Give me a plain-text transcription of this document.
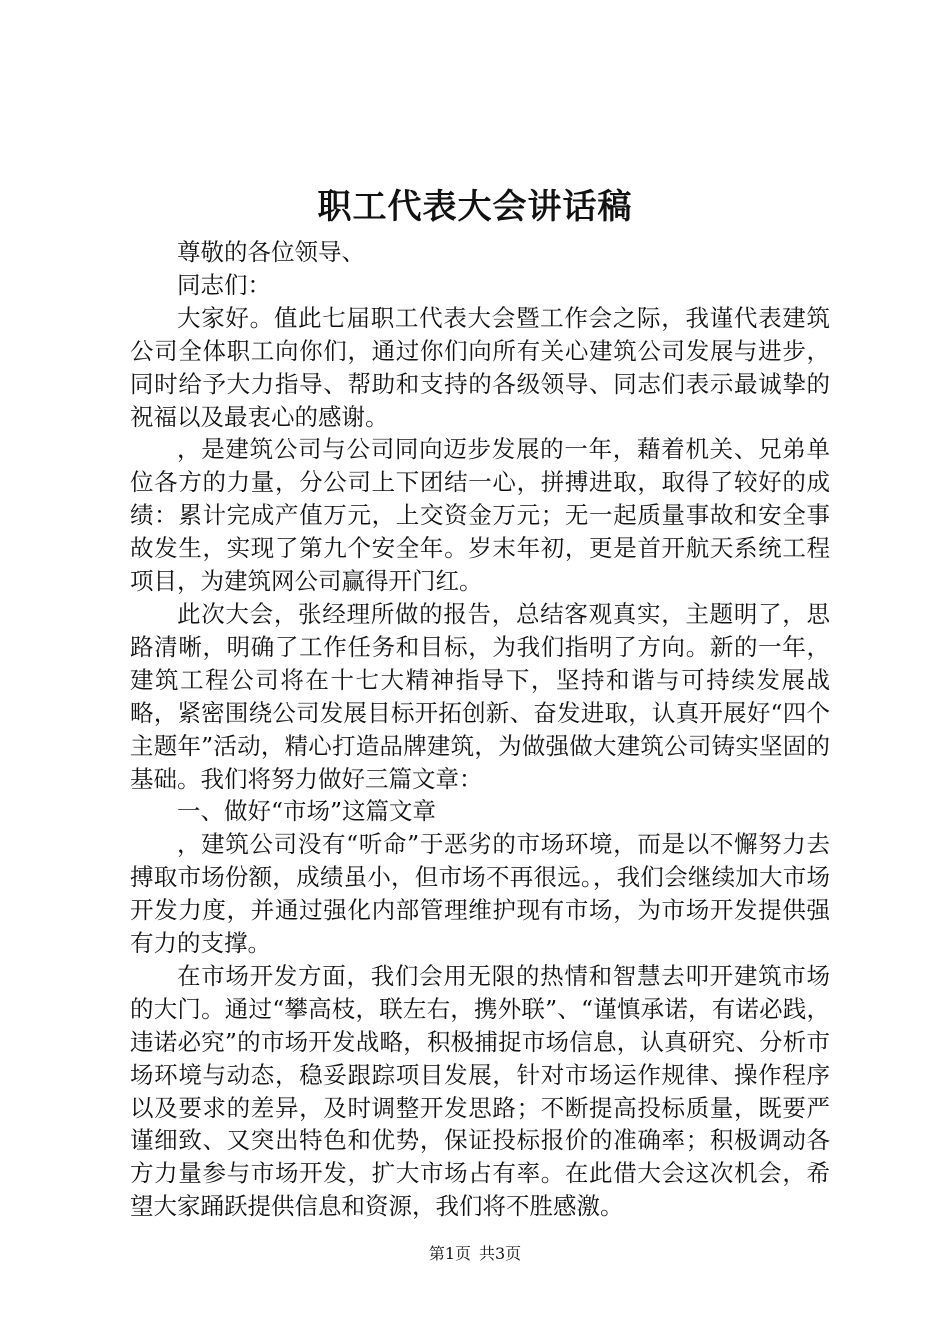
职工代表大会讲话稿

尊敬的各位领导、

同志们：

大家好。值此七届职工代表大会暨工作会之际，我谨代表建筑公司全体职工向你们，通过你们向所有关心建筑公司发展与进步，同时给予大力指导、帮助和支持的各级领导、同志们表示最诚挚的祝福以及最衷心的感谢。

，是建筑公司与公司同向迈步发展的一年，藉着机关、兄弟单位各方的力量，分公司上下团结一心，拼搏进取，取得了较好的成绩：累计完成产值万元，上交资金万元；无一起质量事故和安全事故发生，实现了第九个安全年。岁末年初，更是首开航天系统工程项目，为建筑网公司赢得开门红。

此次大会，张经理所做的报告，总结客观真实，主题明了，思路清晰，明确了工作任务和目标，为我们指明了方向。新的一年，建筑工程公司将在十七大精神指导下，坚持和谐与可持续发展战略，紧密围绕公司发展目标开拓创新、奋发进取，认真开展好“四个主题年”活动，精心打造品牌建筑，为做强做大建筑公司铸实坚固的基础。我们将努力做好三篇文章：

一、做好“市场”这篇文章

，建筑公司没有“听命”于恶劣的市场环境，而是以不懈努力去搏取市场份额，成绩虽小，但市场不再很远。，我们会继续加大市场开发力度，并通过强化内部管理维护现有市场，为市场开发提供强有力的支撑。

在市场开发方面，我们会用无限的热情和智慧去叩开建筑市场的大门。通过“攀高枝，联左右，携外联”、“谨慎承诺，有诺必践，违诺必究”的市场开发战略，积极捕捉市场信息，认真研究、分析市场环境与动态，稳妥跟踪项目发展，针对市场运作规律、操作程序以及要求的差异，及时调整开发思路；不断提高投标质量，既要严谨细致、又突出特色和优势，保证投标报价的准确率；积极调动各方力量参与市场开发，扩大市场占有率。在此借大会这次机会，希望大家踊跃提供信息和资源，我们将不胜感激。

第1页 共3页
